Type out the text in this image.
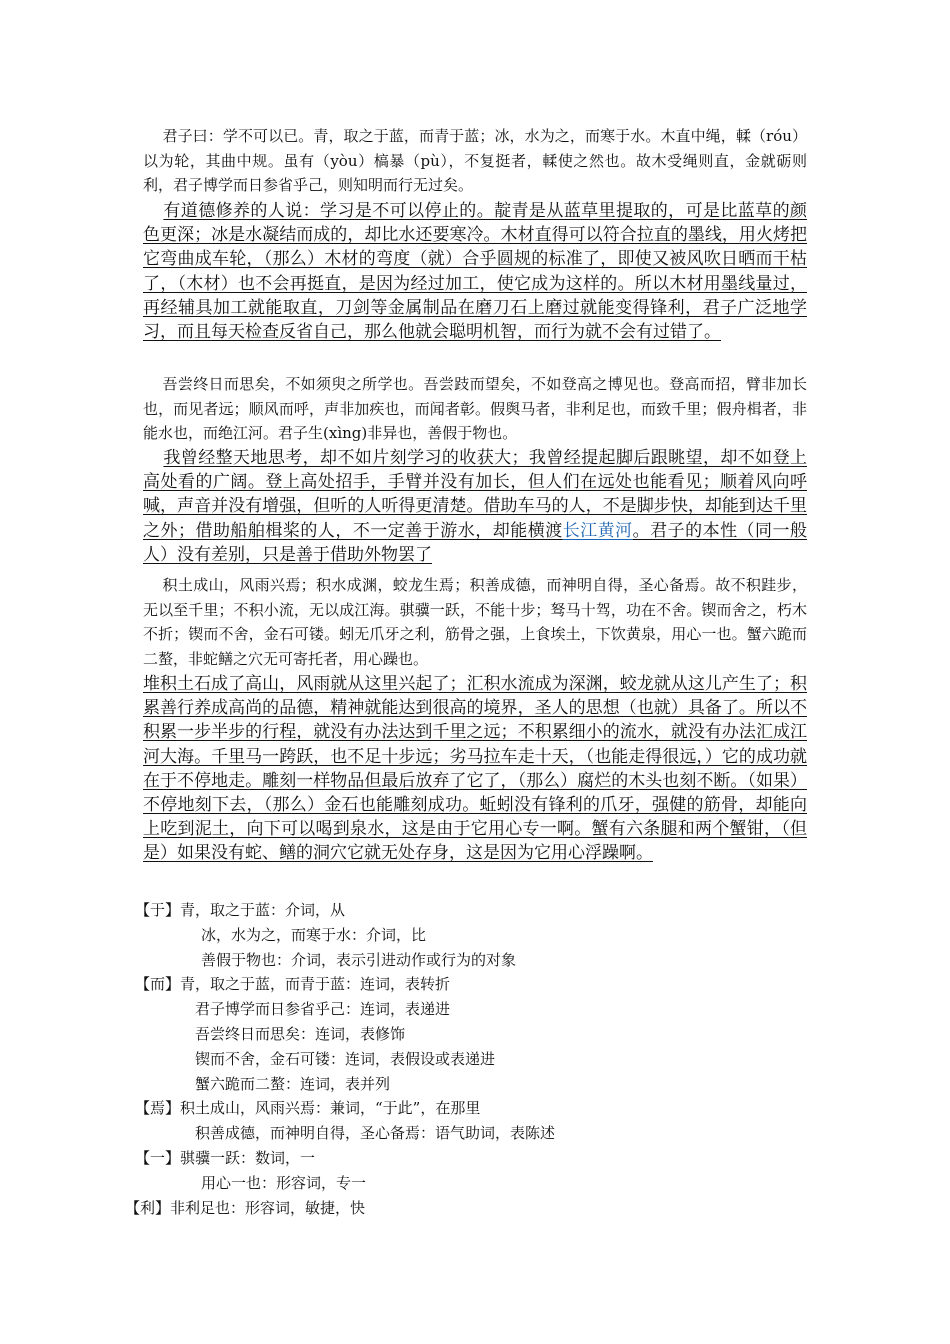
君子曰：学不可以已。青，取之于蓝，而青于蓝；冰，水为之，而寒于水。木直中绳，輮（róu）以为轮，其曲中规。虽有（yòu）槁暴（pù），不复挺者，輮使之然也。故木受绳则直，金就砺则利，君子博学而日参省乎己，则知明而行无过矣。
有道德修养的人说：学习是不可以停止的。靛青是从蓝草里提取的，可是比蓝草的颜色更深；冰是水凝结而成的，却比水还要寒冷。木材直得可以符合拉直的墨线，用火烤把它弯曲成车轮，（那么）木材的弯度（就）合乎圆规的标准了，即使又被风吹日晒而干枯了，（木材）也不会再挺直，是因为经过加工，使它成为这样的。所以木材用墨线量过，再经辅具加工就能取直，刀剑等金属制品在磨刀石上磨过就能变得锋利，君子广泛地学习，而且每天检查反省自己，那么他就会聪明机智，而行为就不会有过错了。
吾尝终日而思矣，不如须臾之所学也。吾尝跂而望矣，不如登高之博见也。登高而招，臂非加长也，而见者远；顺风而呼，声非加疾也，而闻者彰。假舆马者，非利足也，而致千里；假舟楫者，非能水也，而绝江河。君子生(xìng)非异也，善假于物也。
我曾经整天地思考，却不如片刻学习的收获大；我曾经提起脚后跟眺望，却不如登上高处看的广阔。登上高处招手，手臂并没有加长，但人们在远处也能看见；顺着风向呼喊，声音并没有增强，但听的人听得更清楚。借助车马的人，不是脚步快，却能到达千里之外；借助船舶楫桨的人，不一定善于游水，却能横渡长江黄河。君子的本性（同一般人）没有差别，只是善于借助外物罢了
积土成山，风雨兴焉；积水成渊，蛟龙生焉；积善成德，而神明自得，圣心备焉。故不积跬步，无以至千里；不积小流，无以成江海。骐骥一跃，不能十步；驽马十驾，功在不舍。锲而舍之，朽木不折；锲而不舍，金石可镂。蚓无爪牙之利，筋骨之强，上食埃土，下饮黄泉，用心一也。蟹六跪而二螯，非蛇鳝之穴无可寄托者，用心躁也。
堆积土石成了高山，风雨就从这里兴起了；汇积水流成为深渊，蛟龙就从这儿产生了；积累善行养成高尚的品德，精神就能达到很高的境界，圣人的思想（也就）具备了。所以不积累一步半步的行程，就没有办法达到千里之远；不积累细小的流水，就没有办法汇成江河大海。千里马一跨跃，也不足十步远；劣马拉车走十天，（也能走得很远，）它的成功就在于不停地走。雕刻一样物品但最后放弃了它了，（那么）腐烂的木头也刻不断。（如果）不停地刻下去，（那么）金石也能雕刻成功。蚯蚓没有锋利的爪牙，强健的筋骨，却能向上吃到泥土，向下可以喝到泉水，这是由于它用心专一啊。蟹有六条腿和两个蟹钳，（但是）如果没有蛇、鳝的洞穴它就无处存身，这是因为它用心浮躁啊。
【于】青，取之于蓝：介词，从
冰，水为之，而寒于水：介词，比
善假于物也：介词，表示引进动作或行为的对象
【而】青，取之于蓝，而青于蓝：连词，表转折
君子博学而日参省乎己：连词，表递进
吾尝终日而思矣：连词，表修饰
锲而不舍，金石可镂：连词，表假设或表递进
蟹六跪而二螯：连词，表并列
【焉】积土成山，风雨兴焉：兼词，“于此”，在那里
积善成德，而神明自得，圣心备焉：语气助词，表陈述
【一】骐骥一跃：数词，一
用心一也：形容词，专一
【利】非利足也：形容词，敏捷，快
